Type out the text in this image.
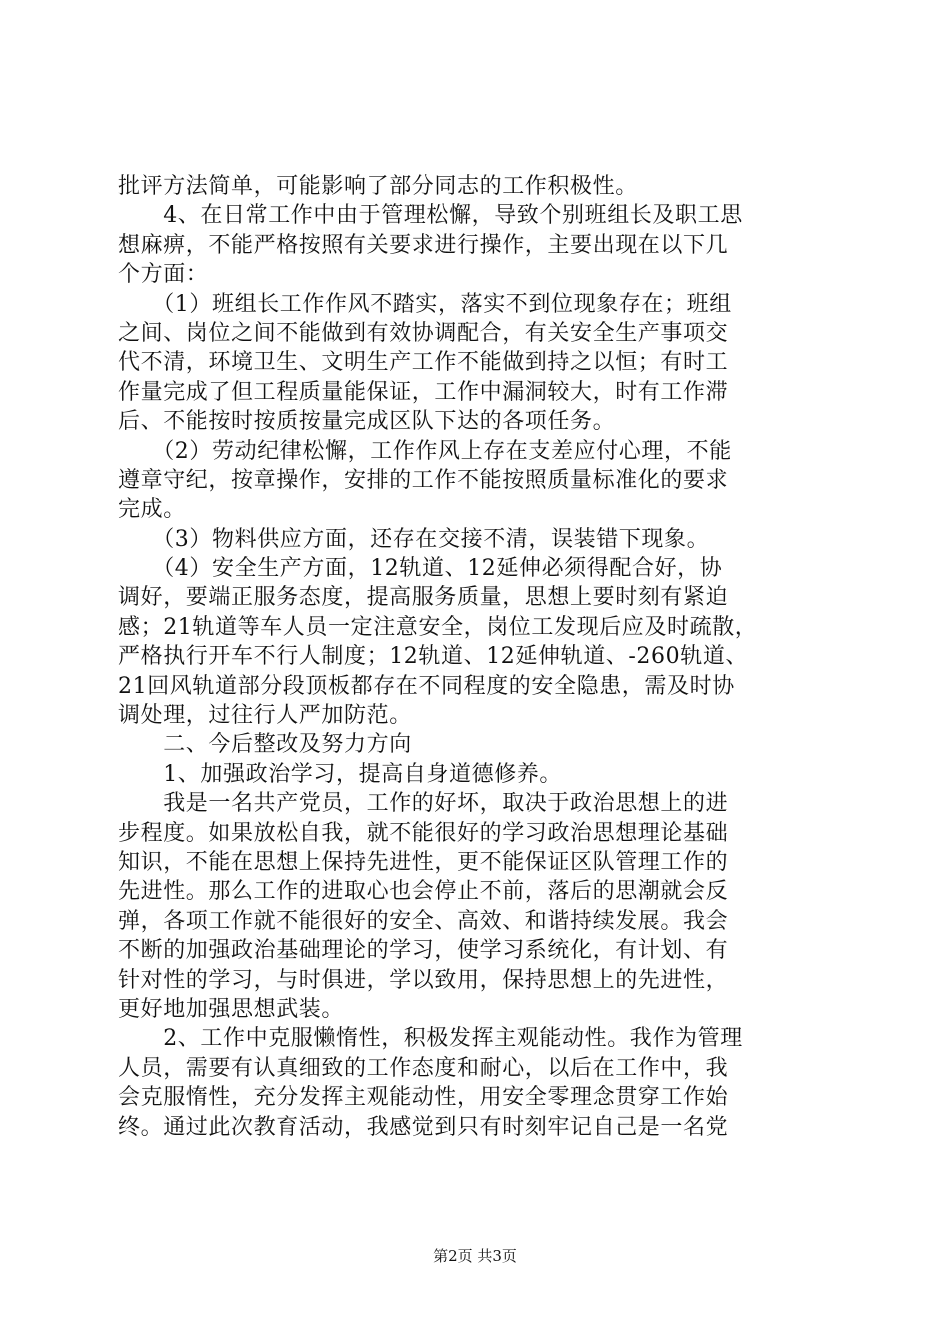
批评方法简单，可能影响了部分同志的工作积极性。
　　4、在日常工作中由于管理松懈，导致个别班组长及职工思
想麻痹，不能严格按照有关要求进行操作，主要出现在以下几
个方面：
　　（1）班组长工作作风不踏实，落实不到位现象存在；班组
之间、岗位之间不能做到有效协调配合，有关安全生产事项交
代不清，环境卫生、文明生产工作不能做到持之以恒；有时工
作量完成了但工程质量能保证，工作中漏洞较大，时有工作滞
后、不能按时按质按量完成区队下达的各项任务。
　　（2）劳动纪律松懈，工作作风上存在支差应付心理，不能
遵章守纪，按章操作，安排的工作不能按照质量标准化的要求
完成。
　　（3）物料供应方面，还存在交接不清，误装错下现象。
　　（4）安全生产方面，12轨道、12延伸必须得配合好，协
调好，要端正服务态度，提高服务质量，思想上要时刻有紧迫
感；21轨道等车人员一定注意安全，岗位工发现后应及时疏散，
严格执行开车不行人制度；12轨道、12延伸轨道、-260轨道、
21回风轨道部分段顶板都存在不同程度的安全隐患，需及时协
调处理，过往行人严加防范。
　　二、今后整改及努力方向
　　1、加强政治学习，提高自身道德修养。
　　我是一名共产党员，工作的好坏，取决于政治思想上的进
步程度。如果放松自我，就不能很好的学习政治思想理论基础
知识，不能在思想上保持先进性，更不能保证区队管理工作的
先进性。那么工作的进取心也会停止不前，落后的思潮就会反
弹，各项工作就不能很好的安全、高效、和谐持续发展。我会
不断的加强政治基础理论的学习，使学习系统化，有计划、有
针对性的学习，与时俱进，学以致用，保持思想上的先进性，
更好地加强思想武装。
　　2、工作中克服懒惰性，积极发挥主观能动性。我作为管理
人员，需要有认真细致的工作态度和耐心，以后在工作中，我
会克服惰性，充分发挥主观能动性，用安全零理念贯穿工作始
终。通过此次教育活动，我感觉到只有时刻牢记自己是一名党
第2页 共3页
